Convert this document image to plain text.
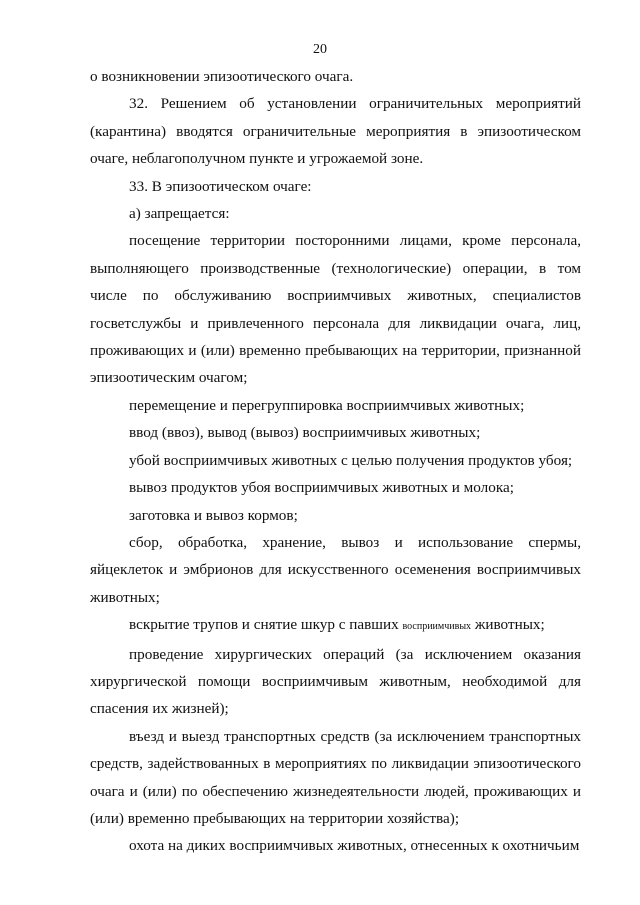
20

о возникновении эпизоотического очага.

32. Решением об установлении ограничительных мероприятий (карантина) вводятся ограничительные мероприятия в эпизоотическом очаге, неблагополучном пункте и угрожаемой зоне.

33. В эпизоотическом очаге:

а) запрещается:

посещение территории посторонними лицами, кроме персонала, выполняющего производственные (технологические) операции, в том числе по обслуживанию восприимчивых животных, специалистов госветслужбы и привлеченного персонала для ликвидации очага, лиц, проживающих и (или) временно пребывающих на территории, признанной эпизоотическим очагом;

перемещение и перегруппировка восприимчивых животных;

ввод (ввоз), вывод (вывоз) восприимчивых животных;

убой восприимчивых животных с целью получения продуктов убоя;

вывоз продуктов убоя восприимчивых животных и молока;

заготовка и вывоз кормов;

сбор, обработка, хранение, вывоз и использование спермы, яйцеклеток и эмбрионов для искусственного осеменения восприимчивых животных;

вскрытие трупов и снятие шкур с павших восприимчивых животных;

проведение хирургических операций (за исключением оказания хирургической помощи восприимчивым животным, необходимой для спасения их жизней);

въезд и выезд транспортных средств (за исключением транспортных средств, задействованных в мероприятиях по ликвидации эпизоотического очага и (или) по обеспечению жизнедеятельности людей, проживающих и (или) временно пребывающих на территории хозяйства);

охота на диких восприимчивых животных, отнесенных к охотничьим
